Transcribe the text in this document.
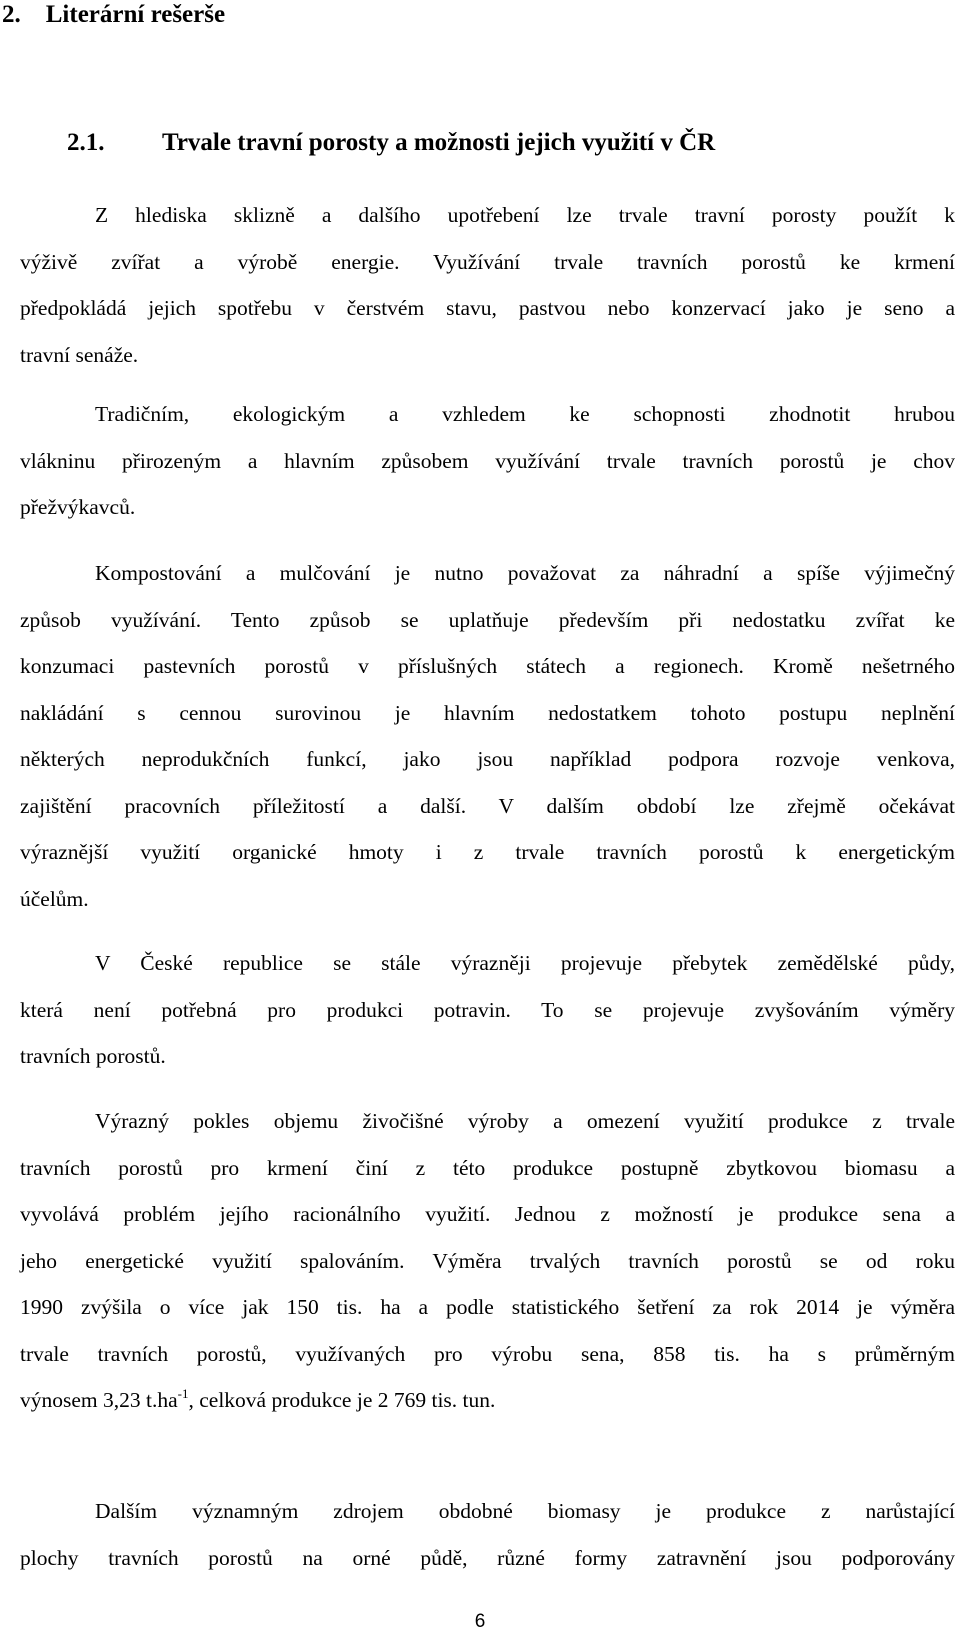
2. Literární rešerše
2.1. Trvale travní porosty a možnosti jejich využití v ČR
Z hlediska sklizně a dalšího upotřebení lze trvale travní porosty použít k
výživě zvířat a výrobě energie. Využívání trvale travních porostů ke krmení
předpokládá jejich spotřebu v čerstvém stavu, pastvou nebo konzervací jako je seno a
travní senáže.
Tradičním, ekologickým a vzhledem ke schopnosti zhodnotit hrubou
vlákninu přirozeným a hlavním způsobem využívání trvale travních porostů je chov
přežvýkavců.
Kompostování a mulčování je nutno považovat za náhradní a spíše výjimečný
způsob využívání. Tento způsob se uplatňuje především při nedostatku zvířat ke
konzumaci pastevních porostů v příslušných státech a regionech. Kromě nešetrného
nakládání s cennou surovinou je hlavním nedostatkem tohoto postupu neplnění
některých neprodukčních funkcí, jako jsou například podpora rozvoje venkova,
zajištění pracovních příležitostí a další. V dalším období lze zřejmě očekávat
výraznější využití organické hmoty i z trvale travních porostů k energetickým
účelům.
V České republice se stále výrazněji projevuje přebytek zemědělské půdy,
která není potřebná pro produkci potravin. To se projevuje zvyšováním výměry
travních porostů.
Výrazný pokles objemu živočišné výroby a omezení využití produkce z trvale
travních porostů pro krmení činí z této produkce postupně zbytkovou biomasu a
vyvolává problém jejího racionálního využití. Jednou z možností je produkce sena a
jeho energetické využití spalováním. Výměra trvalých travních porostů se od roku
1990 zvýšila o více jak 150 tis. ha a podle statistického šetření za rok 2014 je výměra
trvale travních porostů, využívaných pro výrobu sena, 858 tis. ha s průměrným
výnosem 3,23 $t.ha^{-1}$, celková produkce je 2 769 tis. tun.
Dalším významným zdrojem obdobné biomasy je produkce z narůstající
plochy travních porostů na orné půdě, různé formy zatravnění jsou podporovány
6
